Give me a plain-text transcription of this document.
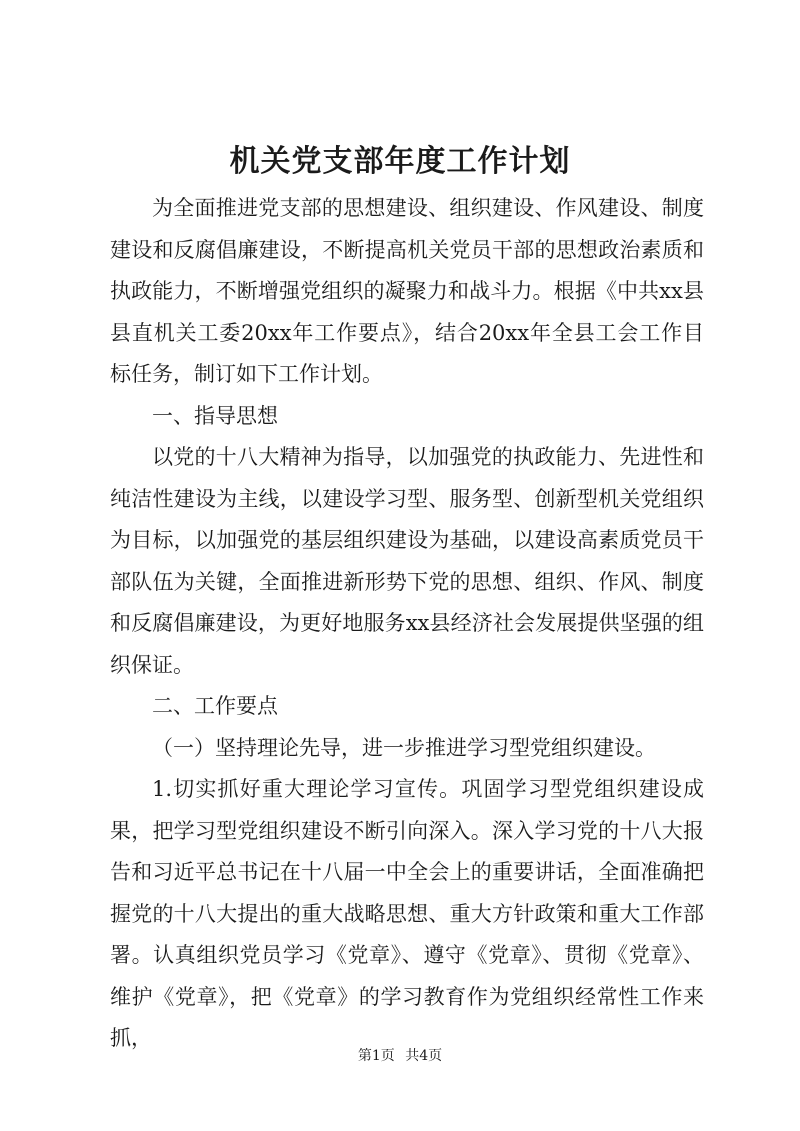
机关党支部年度工作计划

为全面推进党支部的思想建设、组织建设、作风建设、制度建设和反腐倡廉建设，不断提高机关党员干部的思想政治素质和执政能力，不断增强党组织的凝聚力和战斗力。根据《中共xx县县直机关工委20xx年工作要点》，结合20xx年全县工会工作目标任务，制订如下工作计划。

一、指导思想

以党的十八大精神为指导，以加强党的执政能力、先进性和纯洁性建设为主线，以建设学习型、服务型、创新型机关党组织为目标，以加强党的基层组织建设为基础，以建设高素质党员干部队伍为关键，全面推进新形势下党的思想、组织、作风、制度和反腐倡廉建设，为更好地服务xx县经济社会发展提供坚强的组织保证。

二、工作要点

（一）坚持理论先导，进一步推进学习型党组织建设。

1.切实抓好重大理论学习宣传。巩固学习型党组织建设成果，把学习型党组织建设不断引向深入。深入学习党的十八大报告和习近平总书记在十八届一中全会上的重要讲话，全面准确把握党的十八大提出的重大战略思想、重大方针政策和重大工作部署。认真组织党员学习《党章》、遵守《党章》、贯彻《党章》、维护《党章》，把《党章》的学习教育作为党组织经常性工作来抓，

第1页 共4页
